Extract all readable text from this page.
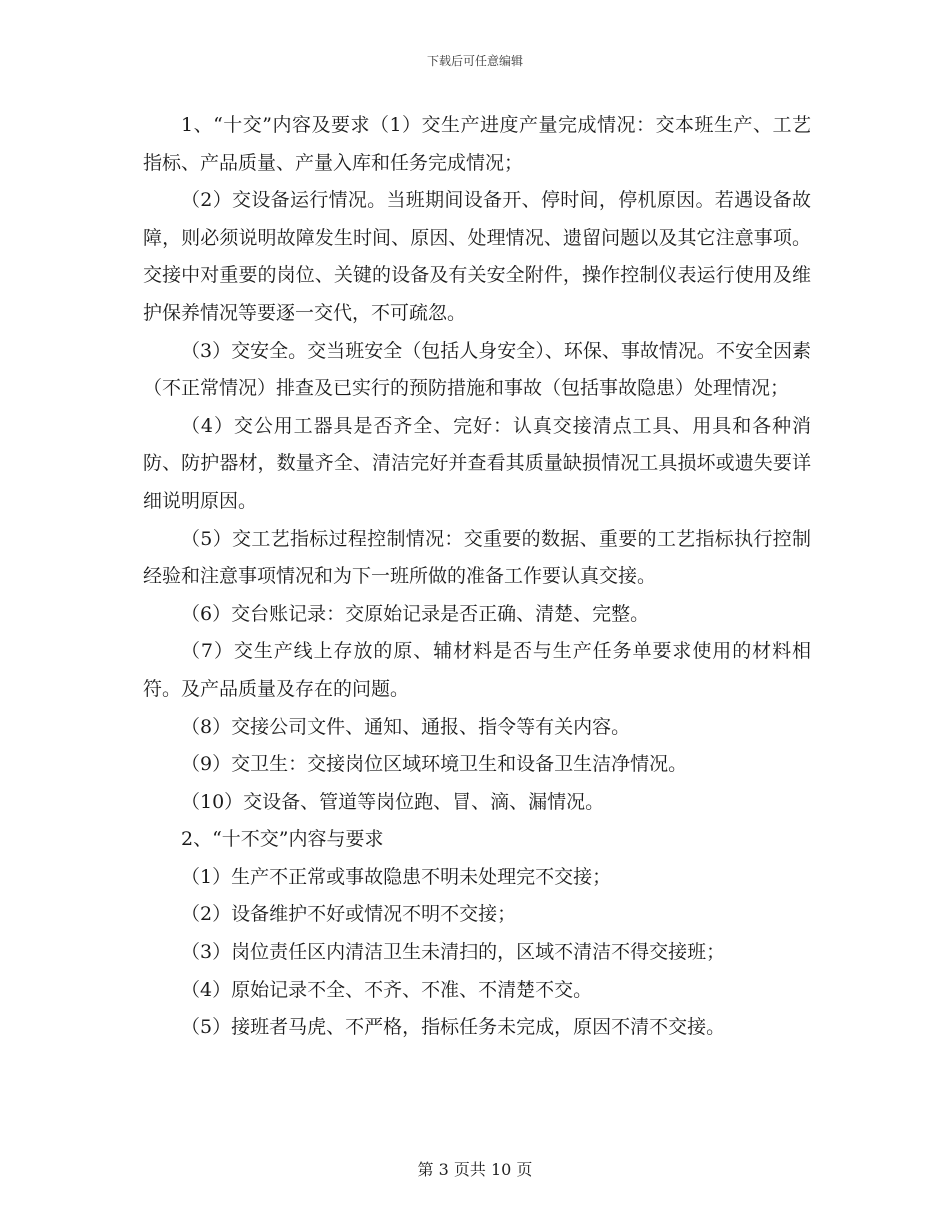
下载后可任意编辑

1、“十交”内容及要求（1）交生产进度产量完成情况：交本班生产、工艺指标、产品质量、产量入库和任务完成情况；

（2）交设备运行情况。当班期间设备开、停时间，停机原因。若遇设备故障，则必须说明故障发生时间、原因、处理情况、遗留问题以及其它注意事项。交接中对重要的岗位、关键的设备及有关安全附件，操作控制仪表运行使用及维护保养情况等要逐一交代，不可疏忽。

（3）交安全。交当班安全（包括人身安全）、环保、事故情况。不安全因素（不正常情况）排查及已实行的预防措施和事故（包括事故隐患）处理情况；

（4）交公用工器具是否齐全、完好：认真交接清点工具、用具和各种消防、防护器材，数量齐全、清洁完好并查看其质量缺损情况工具损坏或遗失要详细说明原因。

（5）交工艺指标过程控制情况：交重要的数据、重要的工艺指标执行控制经验和注意事项情况和为下一班所做的准备工作要认真交接。

（6）交台账记录：交原始记录是否正确、清楚、完整。

（7）交生产线上存放的原、辅材料是否与生产任务单要求使用的材料相符。及产品质量及存在的问题。

（8）交接公司文件、通知、通报、指令等有关内容。

（9）交卫生：交接岗位区域环境卫生和设备卫生洁净情况。

（10）交设备、管道等岗位跑、冒、滴、漏情况。

2、“十不交”内容与要求

（1）生产不正常或事故隐患不明未处理完不交接；

（2）设备维护不好或情况不明不交接；

（3）岗位责任区内清洁卫生未清扫的，区域不清洁不得交接班；

（4）原始记录不全、不齐、不准、不清楚不交。

（5）接班者马虎、不严格，指标任务未完成，原因不清不交接。

第 3 页共 10 页
